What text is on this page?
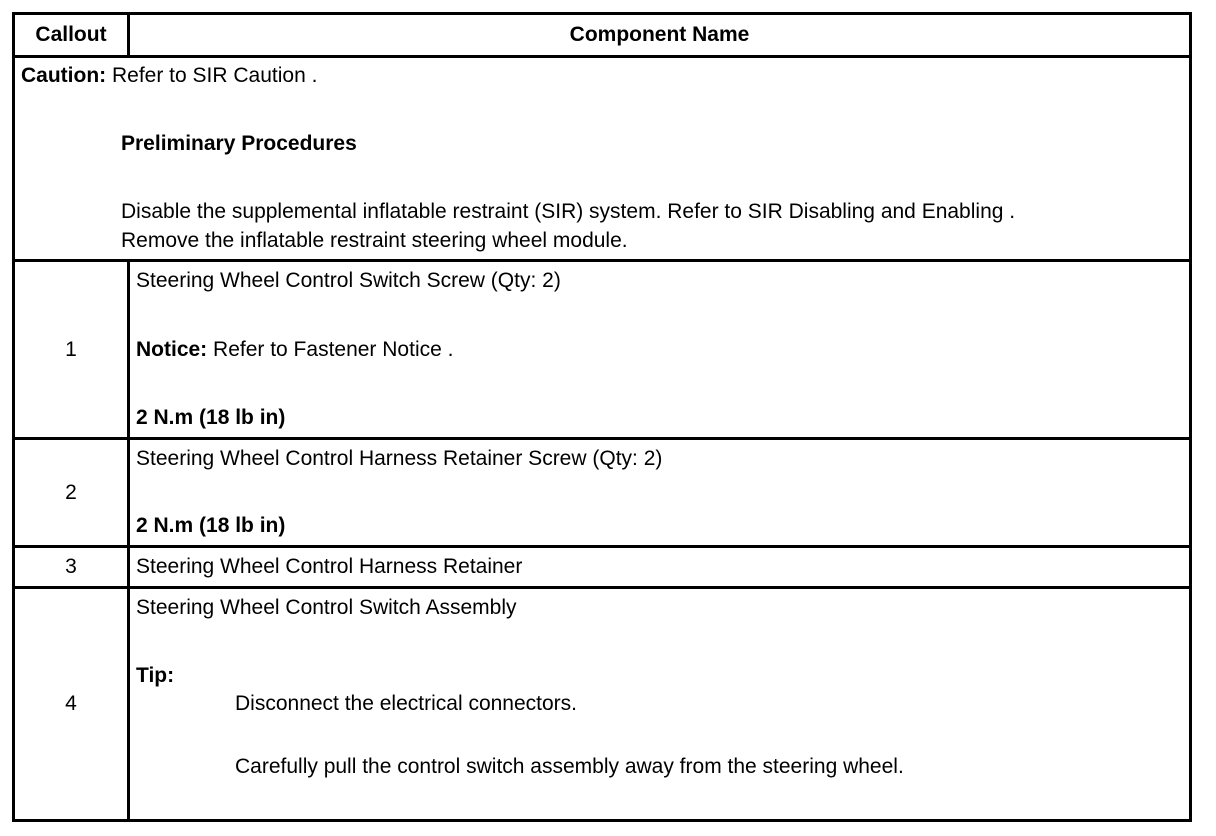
Callout	Component Name
Caution: Refer to SIR Caution .
Preliminary Procedures
Disable the supplemental inflatable restraint (SIR) system. Refer to SIR Disabling and Enabling .
Remove the inflatable restraint steering wheel module.
1
Steering Wheel Control Switch Screw (Qty: 2)
Notice: Refer to Fastener Notice .
2 N.m (18 lb in)
2
Steering Wheel Control Harness Retainer Screw (Qty: 2)
2 N.m (18 lb in)
3	Steering Wheel Control Harness Retainer
4
Steering Wheel Control Switch Assembly
Tip:
Disconnect the electrical connectors.
Carefully pull the control switch assembly away from the steering wheel.
